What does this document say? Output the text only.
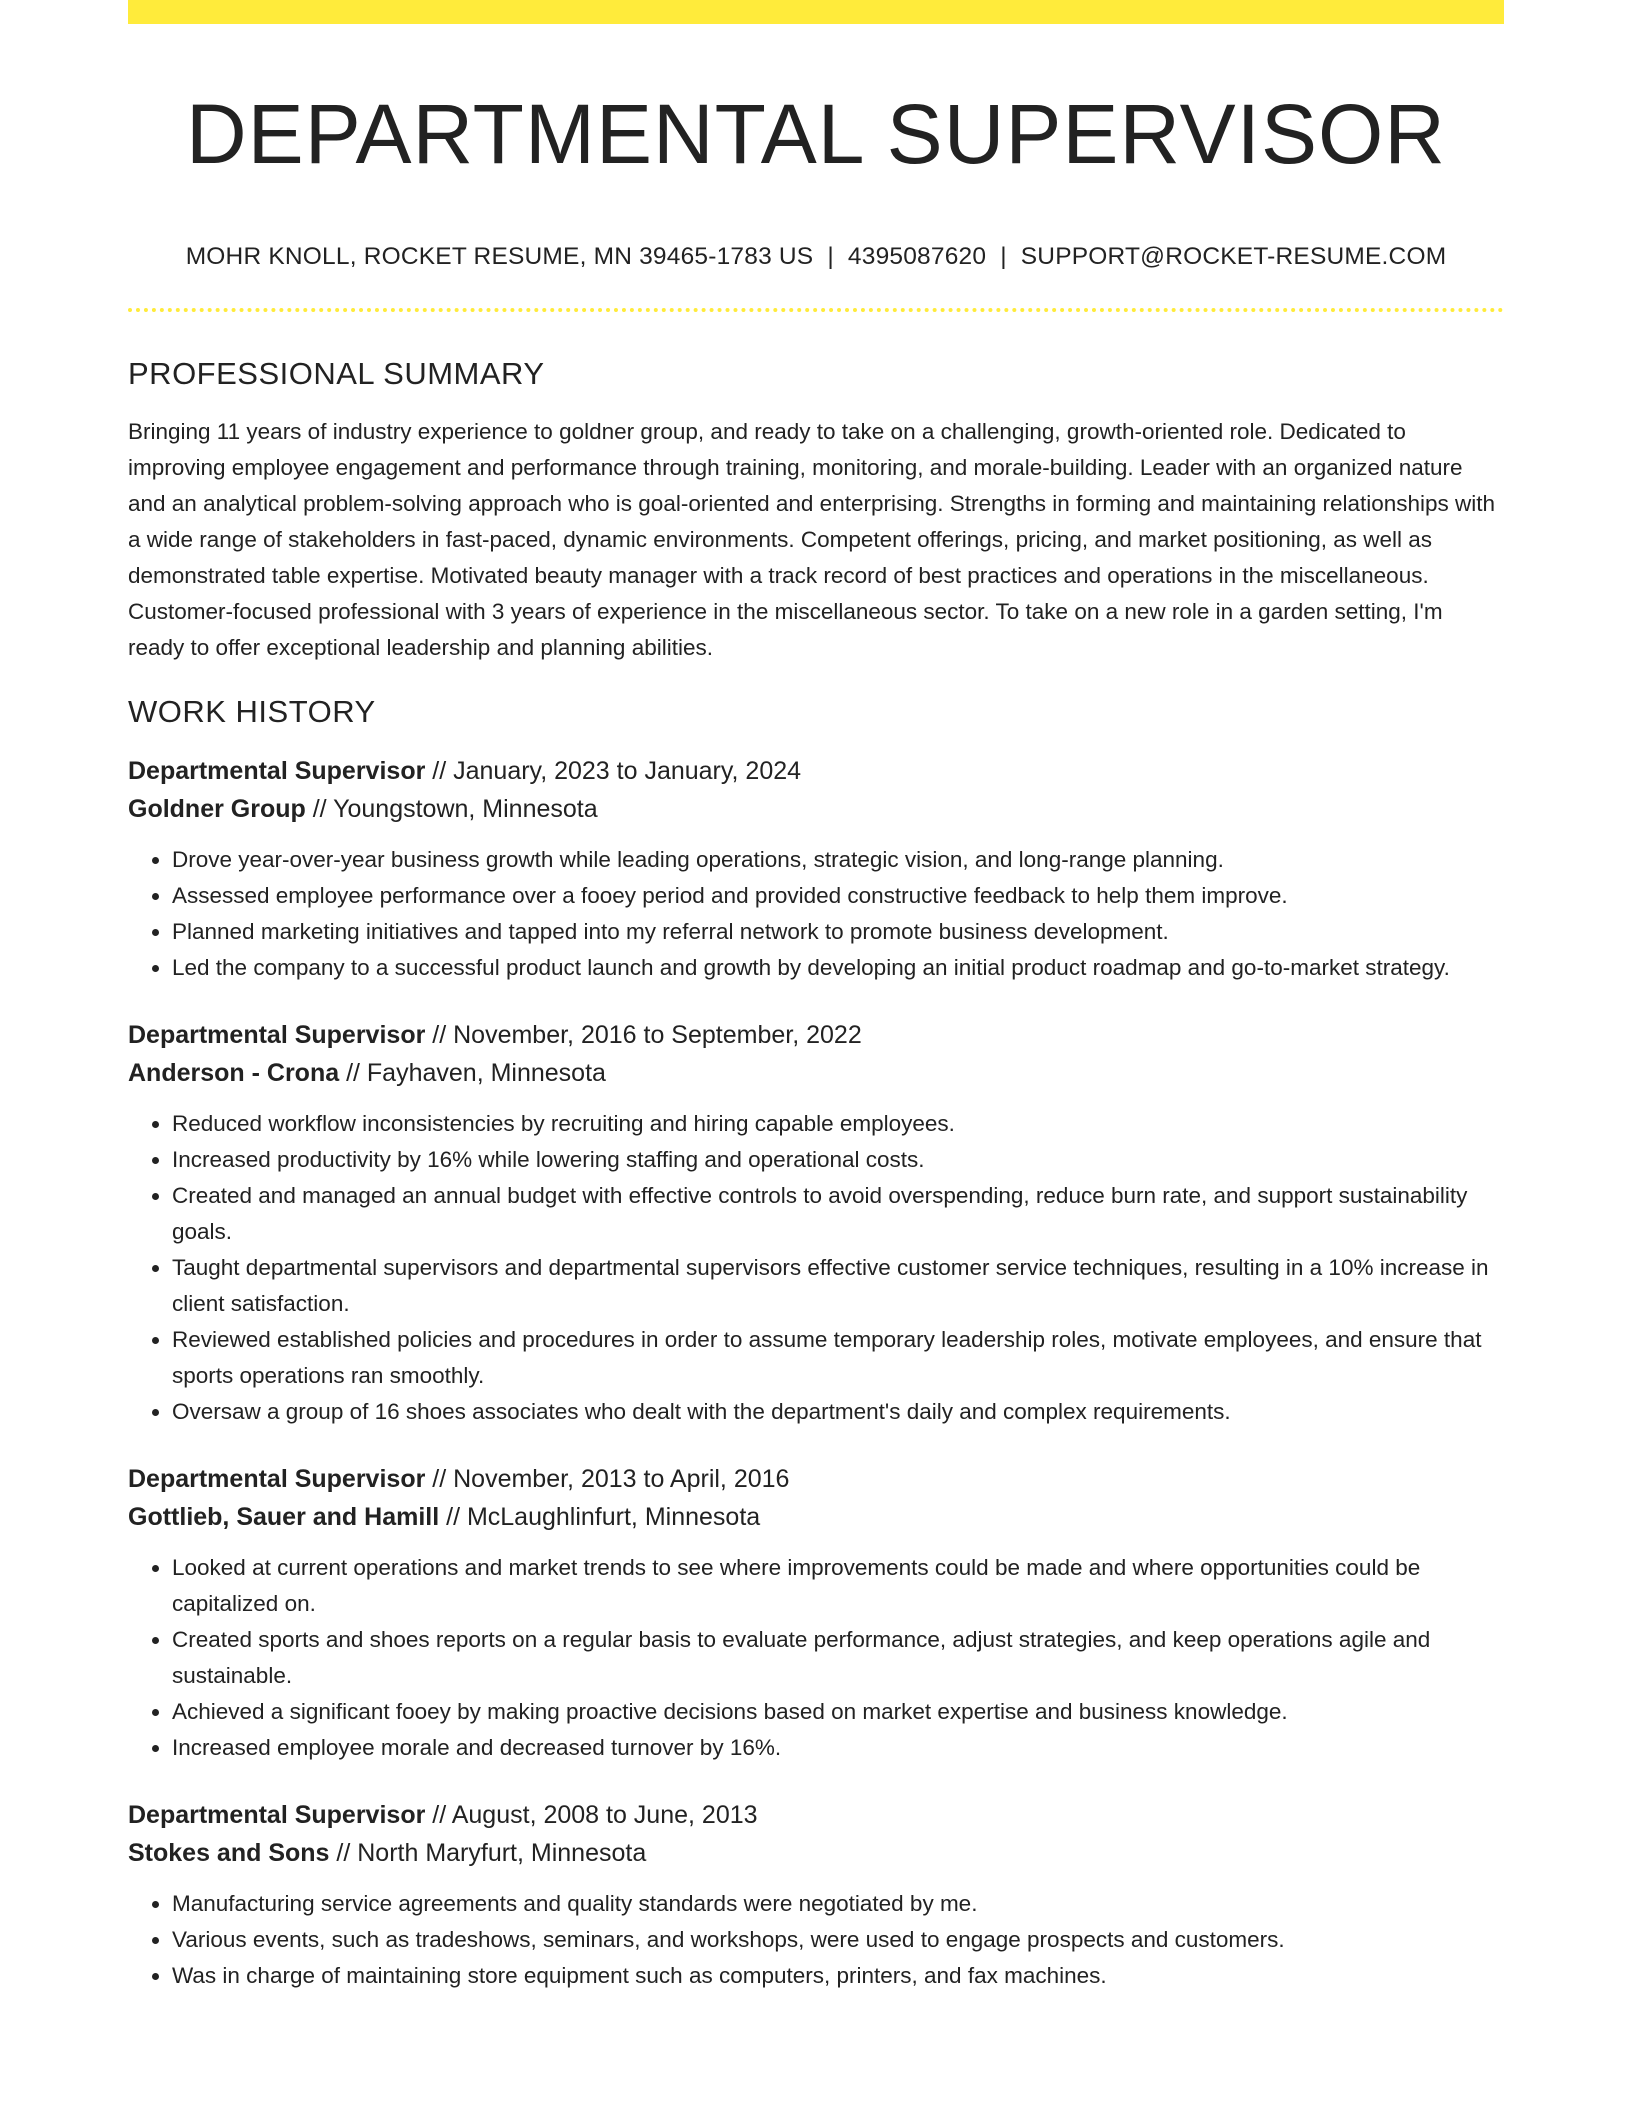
DEPARTMENTAL SUPERVISOR
MOHR KNOLL, ROCKET RESUME, MN 39465-1783 US | 4395087620 | SUPPORT@ROCKET-RESUME.COM
PROFESSIONAL SUMMARY
Bringing 11 years of industry experience to goldner group, and ready to take on a challenging, growth-oriented role. Dedicated to improving employee engagement and performance through training, monitoring, and morale-building. Leader with an organized nature and an analytical problem-solving approach who is goal-oriented and enterprising. Strengths in forming and maintaining relationships with a wide range of stakeholders in fast-paced, dynamic environments. Competent offerings, pricing, and market positioning, as well as demonstrated table expertise. Motivated beauty manager with a track record of best practices and operations in the miscellaneous. Customer-focused professional with 3 years of experience in the miscellaneous sector. To take on a new role in a garden setting, I'm ready to offer exceptional leadership and planning abilities.
WORK HISTORY
Departmental Supervisor // January, 2023 to January, 2024
Goldner Group // Youngstown, Minnesota
• Drove year-over-year business growth while leading operations, strategic vision, and long-range planning.
• Assessed employee performance over a fooey period and provided constructive feedback to help them improve.
• Planned marketing initiatives and tapped into my referral network to promote business development.
• Led the company to a successful product launch and growth by developing an initial product roadmap and go-to-market strategy.
Departmental Supervisor // November, 2016 to September, 2022
Anderson - Crona // Fayhaven, Minnesota
• Reduced workflow inconsistencies by recruiting and hiring capable employees.
• Increased productivity by 16% while lowering staffing and operational costs.
• Created and managed an annual budget with effective controls to avoid overspending, reduce burn rate, and support sustainability goals.
• Taught departmental supervisors and departmental supervisors effective customer service techniques, resulting in a 10% increase in client satisfaction.
• Reviewed established policies and procedures in order to assume temporary leadership roles, motivate employees, and ensure that sports operations ran smoothly.
• Oversaw a group of 16 shoes associates who dealt with the department's daily and complex requirements.
Departmental Supervisor // November, 2013 to April, 2016
Gottlieb, Sauer and Hamill // McLaughlinfurt, Minnesota
• Looked at current operations and market trends to see where improvements could be made and where opportunities could be capitalized on.
• Created sports and shoes reports on a regular basis to evaluate performance, adjust strategies, and keep operations agile and sustainable.
• Achieved a significant fooey by making proactive decisions based on market expertise and business knowledge.
• Increased employee morale and decreased turnover by 16%.
Departmental Supervisor // August, 2008 to June, 2013
Stokes and Sons // North Maryfurt, Minnesota
• Manufacturing service agreements and quality standards were negotiated by me.
• Various events, such as tradeshows, seminars, and workshops, were used to engage prospects and customers.
• Was in charge of maintaining store equipment such as computers, printers, and fax machines.
